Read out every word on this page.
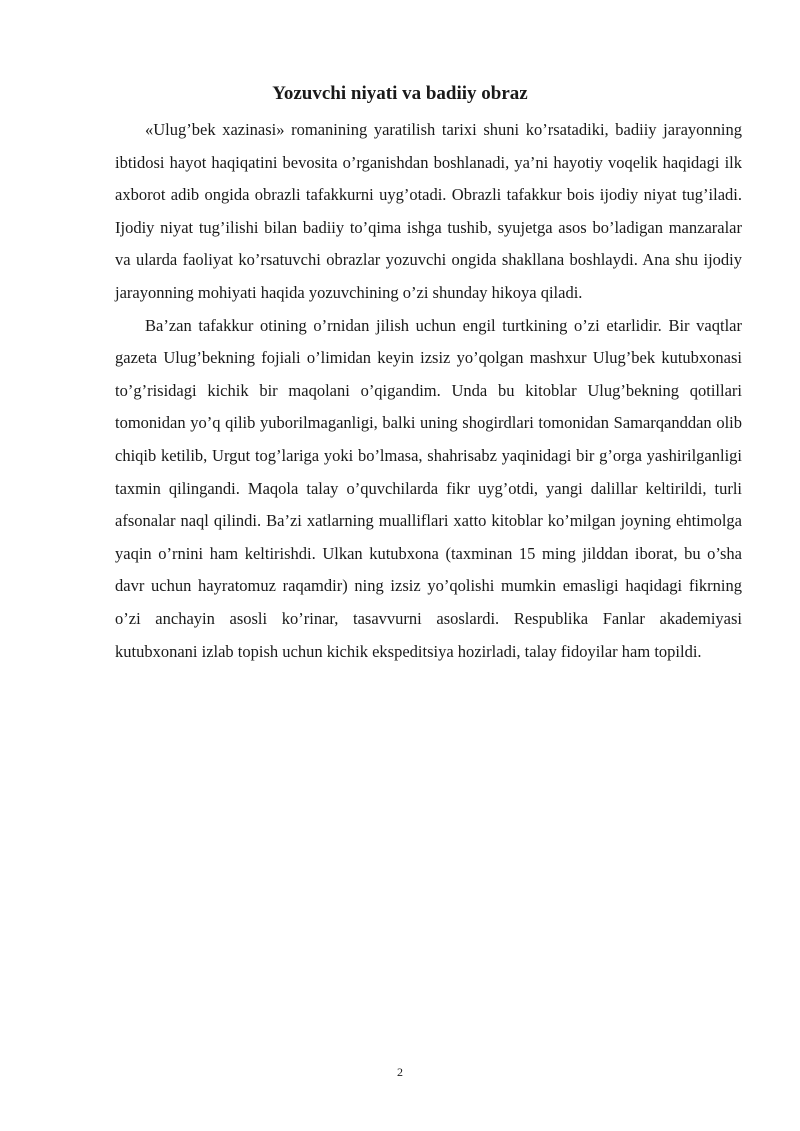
Yozuvchi niyati va badiiy obraz

«Ulug’bek xazinasi» romanining yaratilish tarixi shuni ko’rsatadiki, badiiy jarayonning ibtidosi hayot haqiqatini bevosita o’rganishdan boshlanadi, ya’ni hayotiy voqelik haqidagi ilk axborot adib ongida obrazli tafakkurni uyg’otadi. Obrazli tafakkur bois ijodiy niyat tug’iladi. Ijodiy niyat tug’ilishi bilan badiiy to’qima ishga tushib, syujetga asos bo’ladigan manzaralar va ularda faoliyat ko’rsatuvchi obrazlar yozuvchi ongida shakllana boshlaydi. Ana shu ijodiy jarayonning mohiyati haqida yozuvchining o’zi shunday hikoya qiladi.

Ba’zan tafakkur otining o’rnidan jilish uchun engil turtkining o’zi etarlidir. Bir vaqtlar gazeta Ulug’bekning fojiali o’limidan keyin izsiz yo’qolgan mashxur Ulug’bek kutubxonasi to’g’risidagi kichik bir maqolani o’qigandim. Unda bu kitoblar Ulug’bekning qotillari tomonidan yo’q qilib yuborilmaganligi, balki uning shogirdlari tomonidan Samarqanddan olib chiqib ketilib, Urgut tog’lariga yoki bo’lmasa, shahrisabz yaqinidagi bir g’orga yashirilganligi taxmin qilingandi. Maqola talay o’quvchilarda fikr uyg’otdi, yangi dalillar keltirildi, turli afsonalar naql qilindi. Ba’zi xatlarning mualliflari xatto kitoblar ko’milgan joyning ehtimolga yaqin o’rnini ham keltirishdi. Ulkan kutubxona (taxminan 15 ming jilddan iborat, bu o’sha davr uchun hayratomuz raqamdir) ning izsiz yo’qolishi mumkin emasligi haqidagi fikrning o’zi anchayin asosli ko’rinar, tasavvurni asoslardi. Respublika Fanlar akademiyasi kutubxonani izlab topish uchun kichik ekspeditsiya hozirladi, talay fidoyilar ham topildi.

2
